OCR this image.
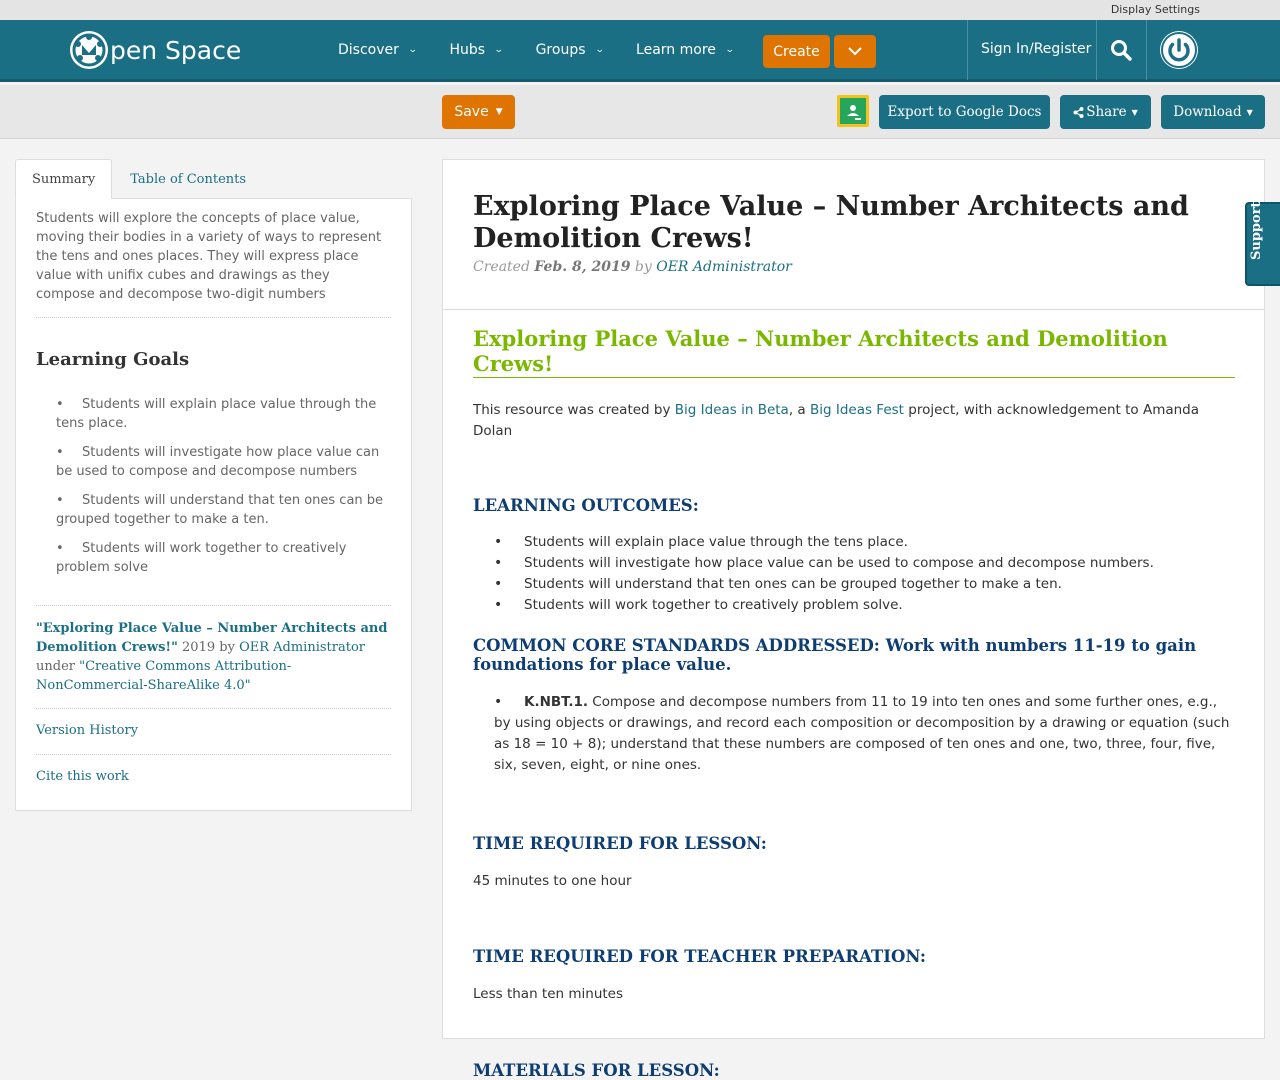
Display Settings
pen Space	Discover ⌄ Hubs ⌄ Groups ⌄ Learn more ⌄	Create	Sign In/Register
Save ▼	Export to Google Docs	Share ▼	Download ▼
Summary	Table of Contents

Students will explore the concepts of place value, moving their bodies in a variety of ways to represent the tens and ones places. They will express place value with unifix cubes and drawings as they compose and decompose two-digit numbers

Learning Goals
• Students will explain place value through the tens place.
• Students will investigate how place value can be used to compose and decompose numbers
• Students will understand that ten ones can be grouped together to make a ten.
• Students will work together to creatively problem solve
"Exploring Place Value – Number Architects and Demolition Crews!" 2019 by OER Administrator
under "Creative Commons Attribution-NonCommercial-ShareAlike 4.0"
Version History
Cite this work
Exploring Place Value – Number Architects and Demolition Crews!
Created Feb. 8, 2019 by OER Administrator
Exploring Place Value – Number Architects and Demolition Crews!

This resource was created by Big Ideas in Beta, a Big Ideas Fest project, with acknowledgement to Amanda Dolan

LEARNING OUTCOMES:
• Students will explain place value through the tens place.
• Students will investigate how place value can be used to compose and decompose numbers.
• Students will understand that ten ones can be grouped together to make a ten.
• Students will work together to creatively problem solve.
COMMON CORE STANDARDS ADDRESSED: Work with numbers 11-19 to gain foundations for place value.
• K.NBT.1. Compose and decompose numbers from 11 to 19 into ten ones and some further ones, e.g., by using objects or drawings, and record each composition or decomposition by a drawing or equation (such as 18 = 10 + 8); understand that these numbers are composed of ten ones and one, two, three, four, five, six, seven, eight, or nine ones.
TIME REQUIRED FOR LESSON:

45 minutes to one hour

TIME REQUIRED FOR TEACHER PREPARATION:

Less than ten minutes

MATERIALS FOR LESSON:
Support
